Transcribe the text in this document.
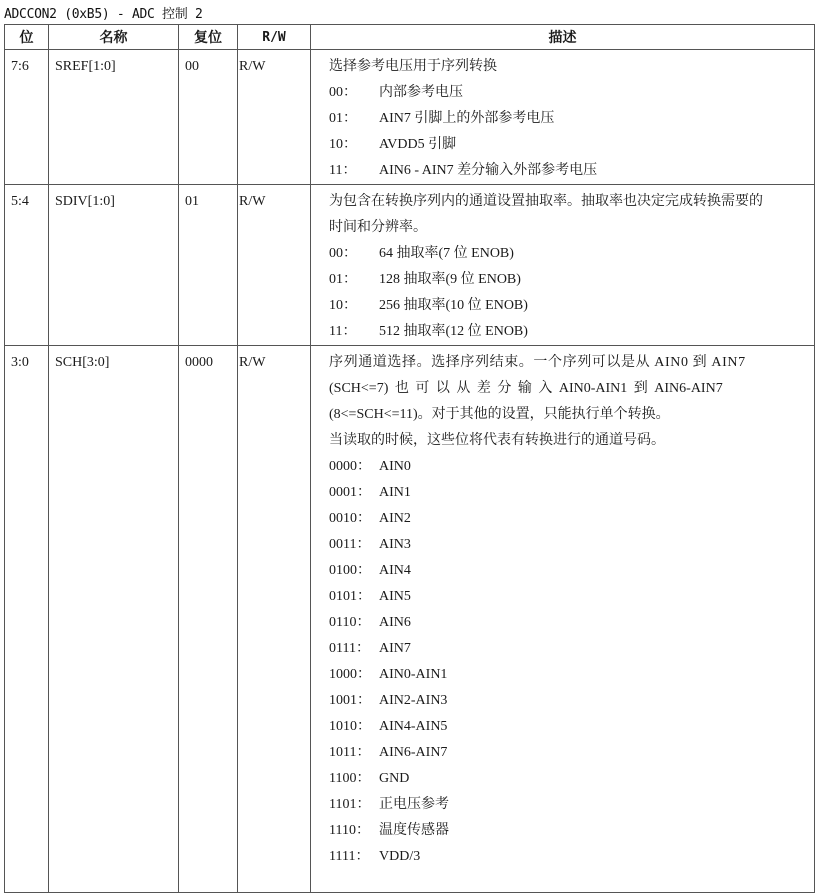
ADCCON2 (0xB5) - ADC 控制 2
位	名称	复位	R/W	描述
7:6	SREF[1:0]	00	R/W	选择参考电压用于序列转换
00：	内部参考电压
01：	AIN7 引脚上的外部参考电压
10：	AVDD5 引脚
11：	AIN6 - AIN7 差分输入外部参考电压

5:4	SDIV[1:0]	01	R/W	为包含在转换序列内的通道设置抽取率。抽取率也决定完成转换需要的
时间和分辨率。
00：	64 抽取率(7 位 ENOB)
01：	128 抽取率(9 位 ENOB)
10：	256 抽取率(10 位 ENOB)
11：	512 抽取率(12 位 ENOB)

3:0	SCH[3:0]	0000	R/W	序列通道选择。选择序列结束。一个序列可以是从 AIN0 到 AIN7
(SCH<=7) 也 可 以 从 差 分 输 入 AIN0-AIN1 到 AIN6-AIN7
(8<=SCH<=11)。对于其他的设置，只能执行单个转换。
当读取的时候，这些位将代表有转换进行的通道号码。
0000： AIN0
0001： AIN1
0010： AIN2
0011： AIN3
0100： AIN4
0101： AIN5
0110： AIN6
0111： AIN7
1000： AIN0-AIN1
1001： AIN2-AIN3
1010： AIN4-AIN5
1011： AIN6-AIN7
1100： GND
1101： 正电压参考
1110： 温度传感器
1111： VDD/3
